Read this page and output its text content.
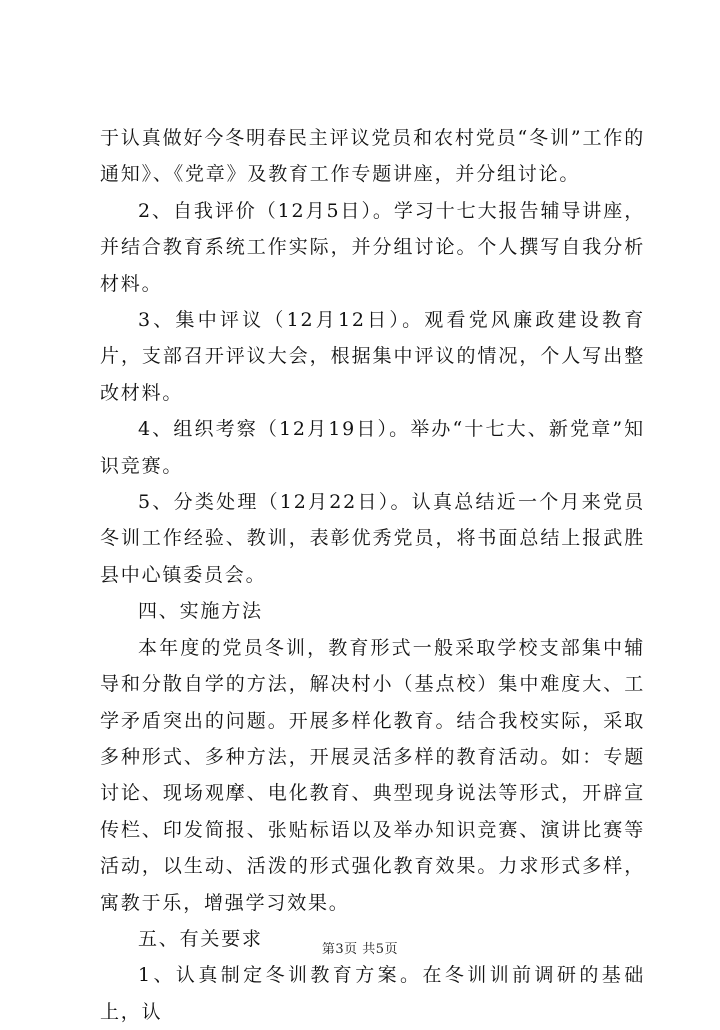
于认真做好今冬明春民主评议党员和农村党员“冬训”工作的通知》、《党章》及教育工作专题讲座，并分组讨论。

2、自我评价（12月5日）。学习十七大报告辅导讲座，并结合教育系统工作实际，并分组讨论。个人撰写自我分析材料。

3、集中评议（12月12日）。观看党风廉政建设教育片，支部召开评议大会，根据集中评议的情况，个人写出整改材料。

4、组织考察（12月19日）。举办“十七大、新党章”知识竞赛。

5、分类处理（12月22日）。认真总结近一个月来党员冬训工作经验、教训，表彰优秀党员，将书面总结上报武胜县中心镇委员会。

四、实施方法

本年度的党员冬训，教育形式一般采取学校支部集中辅导和分散自学的方法，解决村小（基点校）集中难度大、工学矛盾突出的问题。开展多样化教育。结合我校实际，采取多种形式、多种方法，开展灵活多样的教育活动。如：专题讨论、现场观摩、电化教育、典型现身说法等形式，开辟宣传栏、印发简报、张贴标语以及举办知识竞赛、演讲比赛等活动，以生动、活泼的形式强化教育效果。力求形式多样，寓教于乐，增强学习效果。

五、有关要求

1、认真制定冬训教育方案。在冬训训前调研的基础上，认

第3页 共5页
